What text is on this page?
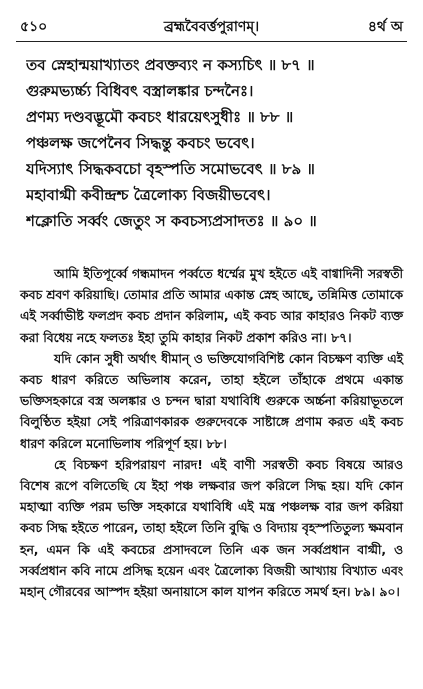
৫১০	ব্রহ্মবৈবর্ত্তপুরাণম্।	৪র্থ অ
তব স্নেহান্ময়াখ্যাতং প্রবক্তব্যং ন কস্যচিৎ ॥ ৮৭ ॥
গুরুমভ্যর্চ্চ্য বিধিবৎ বস্ত্রালঙ্কার চন্দনৈঃ।
প্রণম্য দণ্ডবদ্ভূমৌ কবচং ধারয়েৎসুধীঃ ॥ ৮৮ ॥
পঞ্চলক্ষ জপেনৈব সিদ্ধন্তু কবচং ভবেৎ।
যদিস্যাৎ সিদ্ধকবচো বৃহস্পতি সমোভবেৎ ॥ ৮৯ ॥
মহাবাগ্মী কবীন্দ্রশ্চ ত্রৈলোক্য বিজয়ীভবেৎ।
শক্লোতি সর্ব্বং জেতুং স কবচস্যপ্রসাদতঃ ॥ ৯০ ॥

আমি ইতিপূর্ব্বে গন্ধমাদন পর্ব্বতে ধর্ম্মের মুখ হইতে এই বাগ্বাদিনী সরস্বতী কবচ শ্রবণ করিয়াছি। তোমার প্রতি আমার একান্ত স্নেহ আছে, তন্নিমিত্ত তোমাকে এই সর্ব্বাভীষ্ট ফলপ্রদ কবচ প্রদান করিলাম, এই কবচ আর কাহারও নিকট ব্যক্ত করা বিধেয় নহে ফলতঃ ইহা তুমি কাহার নিকট প্রকাশ করিও না। ৮৭।

যদি কোন সুধী অর্থাৎ ধীমান্ ও ভক্তিযোগবিশিষ্ট কোন বিচক্ষণ ব্যক্তি এই কবচ ধারণ করিতে অভিলাষ করেন, তাহা হইলে তাঁহাকে প্রথমে একান্ত ভক্তিসহকারে বস্ত্র অলঙ্কার ও চন্দন দ্বারা যথাবিধি গুরুকে অর্চ্চনা করিয়াভূতলে বিলুণ্ঠিত হইয়া সেই পরিত্রাণকারক গুরুদেবকে সাষ্টাঙ্গে প্রণাম করত এই কবচ ধারণ করিলে মনোভিলাষ পরিপূর্ণ হয়। ৮৮।

হে বিচক্ষণ হরিপরায়ণ নারদ! এই বাণী সরস্বতী কবচ বিষয়ে আরও বিশেষ রূপে বলিতেছি যে ইহা পঞ্চ লক্ষবার জপ করিলে সিদ্ধ হয়। যদি কোন মহাত্মা ব্যক্তি পরম ভক্তি সহকারে যথাবিধি এই মন্ত্র পঞ্চলক্ষ বার জপ করিয়া কবচ সিদ্ধ হইতে পারেন, তাহা হইলে তিনি বুদ্ধি ও বিদ্যায় বৃহস্পতিতুল্য ক্ষমবান হন, এমন কি এই কবচের প্রসাদবলে তিনি এক জন সর্ব্বপ্রধান বাগ্মী, ও সর্ব্বপ্রধান কবি নামে প্রসিদ্ধ হয়েন এবং ত্রৈলোক্য বিজয়ী আখ্যায় বিখ্যাত এবং মহান্ গৌরবের আস্পদ হইয়া অনায়াসে কাল যাপন করিতে সমর্থ হন। ৮৯। ৯০।
